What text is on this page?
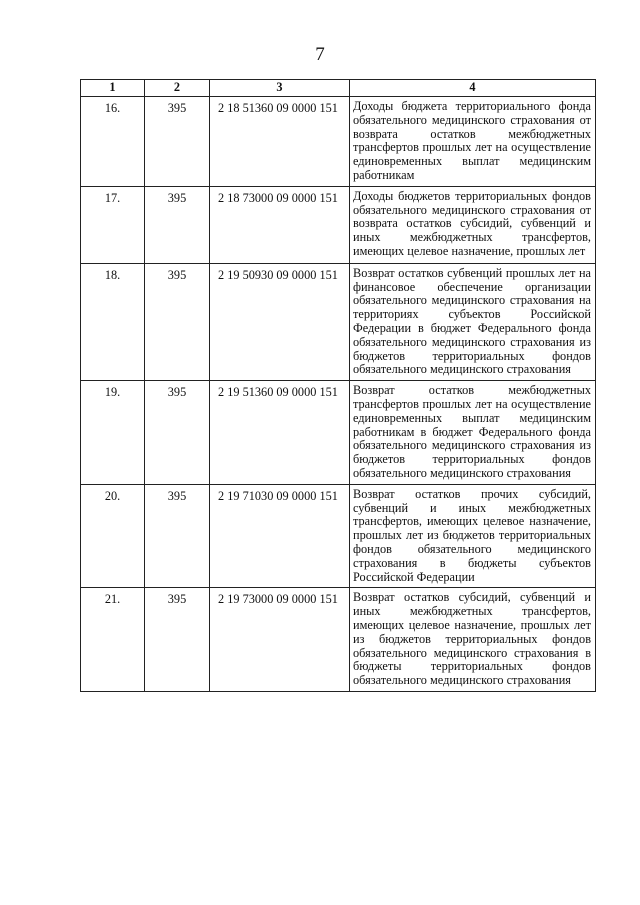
7
1	2	3	4
16.	395	2 18 51360 09 0000 151	Доходы бюджета территориального фонда обязательного медицинского страхования от возврата остатков межбюджетных трансфертов прошлых лет на осуществление единовременных выплат медицинским работникам
17.	395	2 18 73000 09 0000 151	Доходы бюджетов территориальных фондов обязательного медицинского страхования от возврата остатков субсидий, субвенций и иных межбюджетных трансфертов, имеющих целевое назначение, прошлых лет
18.	395	2 19 50930 09 0000 151	Возврат остатков субвенций прошлых лет на финансовое обеспечение организации обязательного медицинского страхования на территориях субъектов Российской Федерации в бюджет Федерального фонда обязательного медицинского страхования из бюджетов территориальных фондов обязательного медицинского страхования
19.	395	2 19 51360 09 0000 151	Возврат остатков межбюджетных трансфертов прошлых лет на осуществление единовременных выплат медицинским работникам в бюджет Федерального фонда обязательного медицинского страхования из бюджетов территориальных фондов обязательного медицинского страхования
20.	395	2 19 71030 09 0000 151	Возврат остатков прочих субсидий, субвенций и иных межбюджетных трансфертов, имеющих целевое назначение, прошлых лет из бюджетов территориальных фондов обязательного медицинского страхования в бюджеты субъектов Российской Федерации
21.	395	2 19 73000 09 0000 151	Возврат остатков субсидий, субвенций и иных межбюджетных трансфертов, имеющих целевое назначение, прошлых лет из бюджетов территориальных фондов обязательного медицинского страхования в бюджеты территориальных фондов обязательного медицинского страхования
